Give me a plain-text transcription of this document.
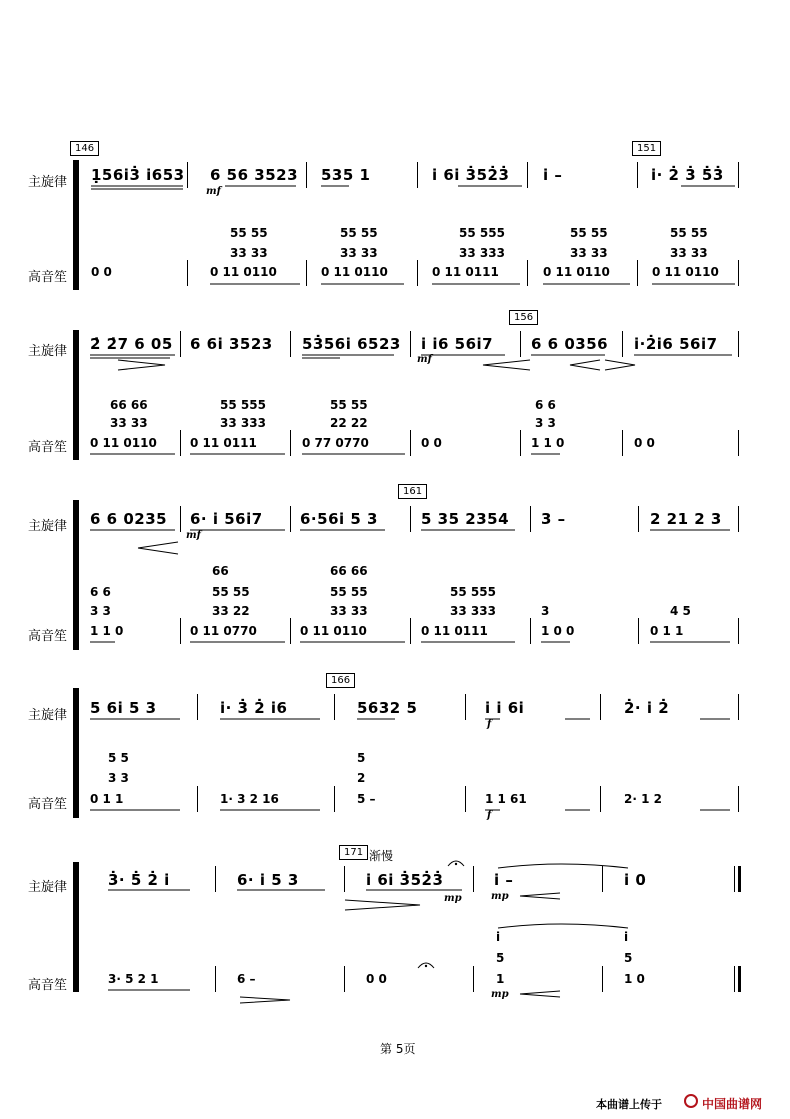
主旋律
高音笙
146	151
1̣56i3̇ i653 6 56 3523 535 1	i 6i 3̇52̇3̇ i –	i· 2̇ 3̇ 5̇3̇
mf
55 55	55 55	55 555	55 55	55 55
33 33	33 33	33 333	33 33	33 33
0 0	0 11 0110	0 11 0110	0 11 0111	0 11 0110	0 11 0110
主旋律
高音笙
156
2̇ 2̇7 6 05 6 6i 3523 53̇56i 6523 i i6 56i7	6 6 0356 i·2̇i6 56i7
mf
66 66	55 555	55 55	6 6
33 33	33 333	22 22	3 3
0 11 0110	0 11 0111	0 77 0770	0 0	1 1 0	0 0
主旋律
高音笙
161
6 6 0235 6· i 56i7 6·56i 5 3	5 35 2354 3 –	2 21 2 3
mf
66	66 66
6 6	55 55	55 55	55 555
4 5
3 3	33 22	33 33	33 333	3
1 1 0	0 11 0770	0 11 0110	0 11 0111	1 0 0	0 1 1
主旋律
高音笙
166
5 6i 5 3	i· 3̇ 2̇ i6	5632 5	i i 6i	2̇· i 2̇
f
5 5	5
3 3	2
0 1 1	1· 3 2 16	5 –	1 1 61	2· 1 2
f
主旋律
高音笙
171 渐慢
3̇· 5̇ 2̇ i	6· i 5 3	i 6i 3̇52̇3̇	i –	i 0
mp	mp
i	i
5	5
3· 5 2 1	6 –	0 0	1	1 0
mp
第 5页
本曲谱上传于	中国曲谱网
